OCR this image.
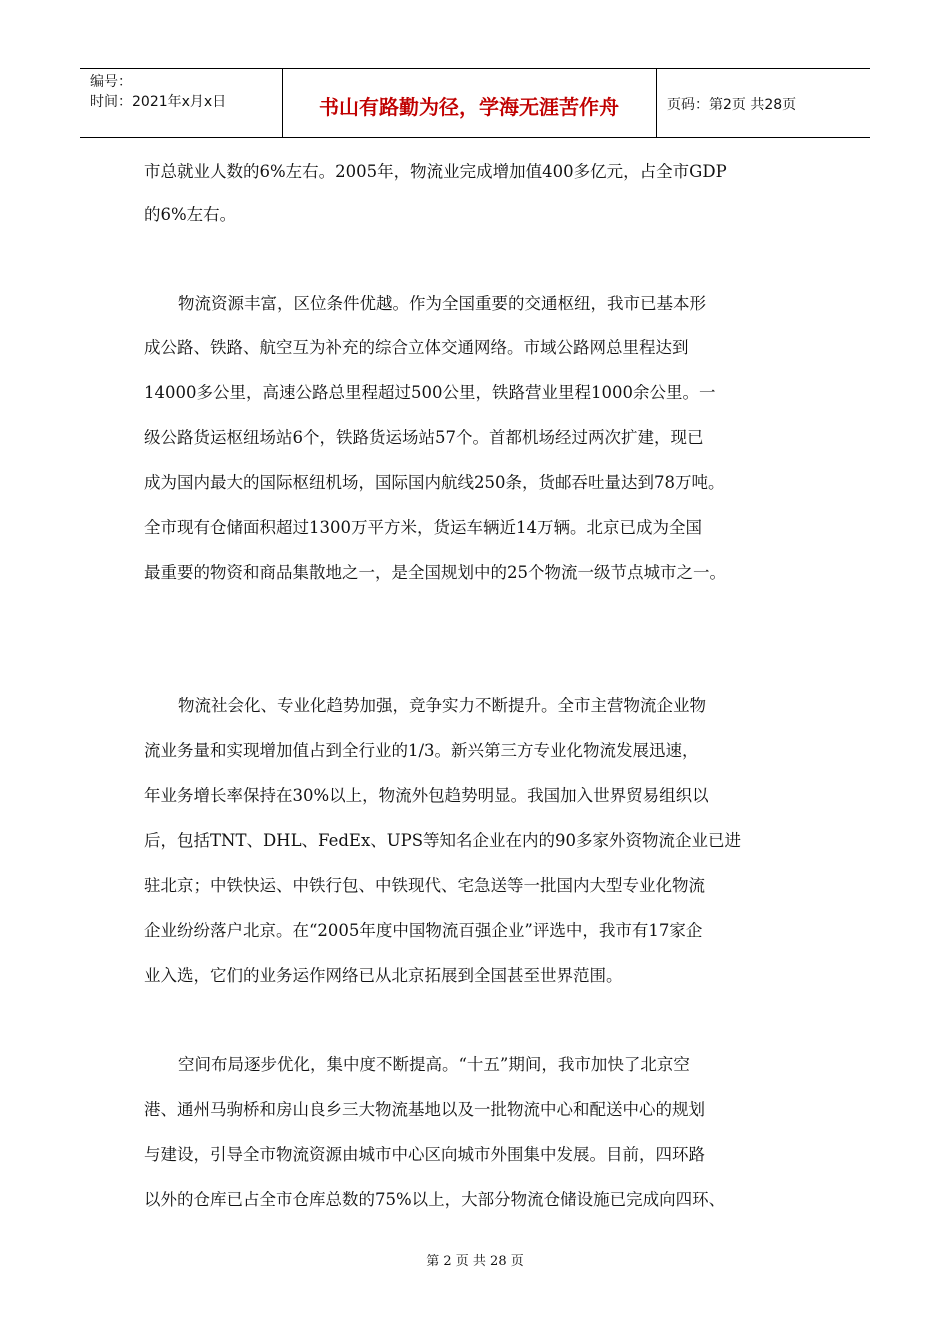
编号：
时间：2021年x月x日	书山有路勤为径，学海无涯苦作舟	页码：第2页 共28页
市总就业人数的6%左右。2005年，物流业完成增加值400多亿元，占全市GDP
的6%左右。
物流资源丰富，区位条件优越。作为全国重要的交通枢纽，我市已基本形
成公路、铁路、航空互为补充的综合立体交通网络。市域公路网总里程达到
14000多公里，高速公路总里程超过500公里，铁路营业里程1000余公里。一
级公路货运枢纽场站6个，铁路货运场站57个。首都机场经过两次扩建，现已
成为国内最大的国际枢纽机场，国际国内航线250条，货邮吞吐量达到78万吨。
全市现有仓储面积超过1300万平方米，货运车辆近14万辆。北京已成为全国
最重要的物资和商品集散地之一，是全国规划中的25个物流一级节点城市之一。
物流社会化、专业化趋势加强，竞争实力不断提升。全市主营物流企业物
流业务量和实现增加值占到全行业的1/3。新兴第三方专业化物流发展迅速，
年业务增长率保持在30%以上，物流外包趋势明显。我国加入世界贸易组织以
后，包括TNT、DHL、FedEx、UPS等知名企业在内的90多家外资物流企业已进
驻北京；中铁快运、中铁行包、中铁现代、宅急送等一批国内大型专业化物流
企业纷纷落户北京。在“2005年度中国物流百强企业”评选中，我市有17家企
业入选，它们的业务运作网络已从北京拓展到全国甚至世界范围。
空间布局逐步优化，集中度不断提高。“十五”期间，我市加快了北京空
港、通州马驹桥和房山良乡三大物流基地以及一批物流中心和配送中心的规划
与建设，引导全市物流资源由城市中心区向城市外围集中发展。目前，四环路
以外的仓库已占全市仓库总数的75%以上，大部分物流仓储设施已完成向四环、
第 2 页 共 28 页
